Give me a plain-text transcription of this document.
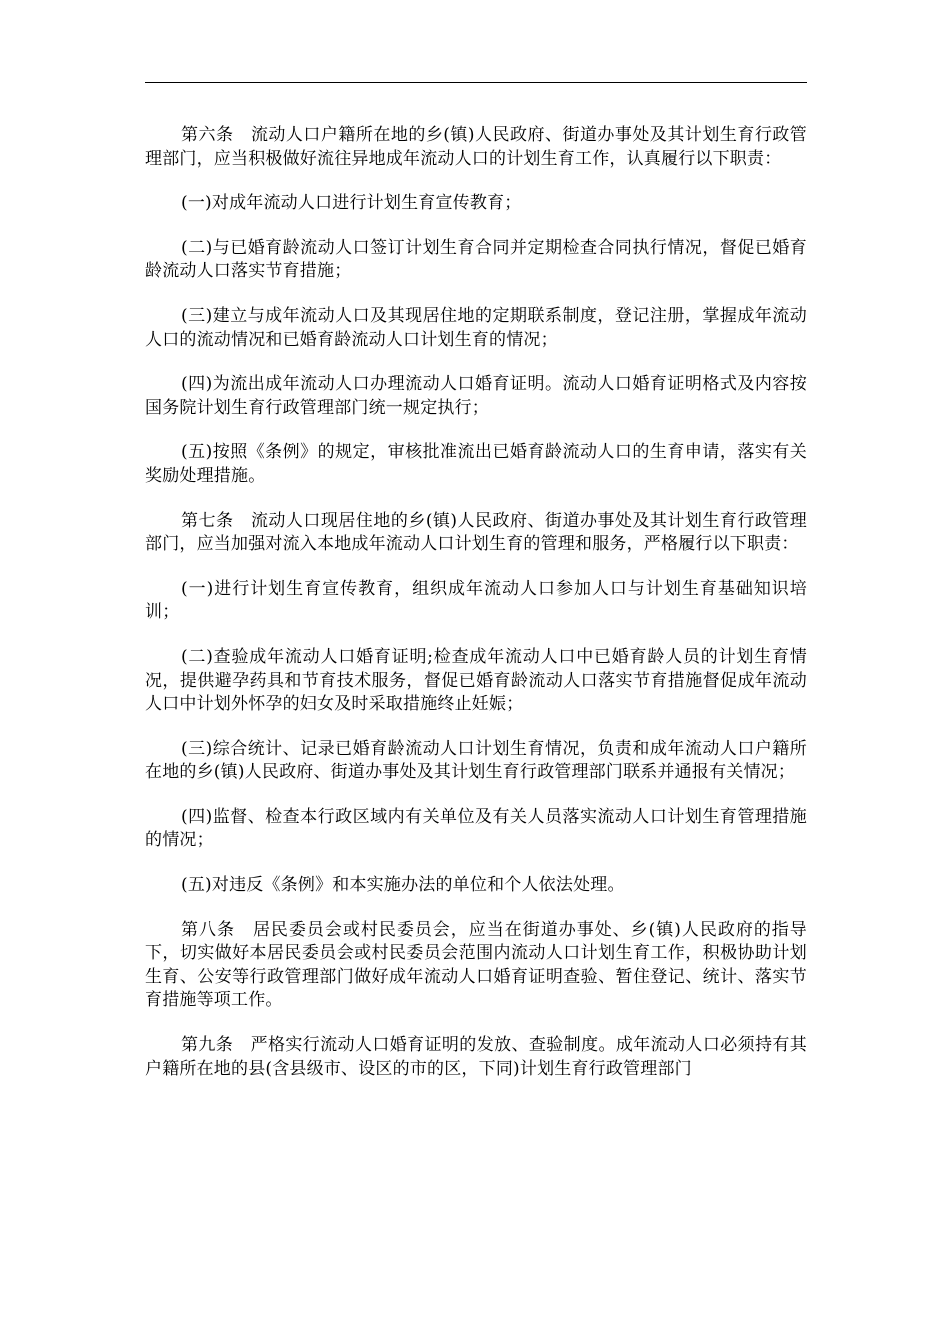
第六条　流动人口户籍所在地的乡(镇)人民政府、街道办事处及其计划生育行政管理部门，应当积极做好流往异地成年流动人口的计划生育工作，认真履行以下职责：

(一)对成年流动人口进行计划生育宣传教育；

(二)与已婚育龄流动人口签订计划生育合同并定期检查合同执行情况，督促已婚育龄流动人口落实节育措施；

(三)建立与成年流动人口及其现居住地的定期联系制度，登记注册，掌握成年流动人口的流动情况和已婚育龄流动人口计划生育的情况；

(四)为流出成年流动人口办理流动人口婚育证明。流动人口婚育证明格式及内容按国务院计划生育行政管理部门统一规定执行；

(五)按照《条例》的规定，审核批准流出已婚育龄流动人口的生育申请，落实有关奖励处理措施。

第七条　流动人口现居住地的乡(镇)人民政府、街道办事处及其计划生育行政管理部门，应当加强对流入本地成年流动人口计划生育的管理和服务，严格履行以下职责：

(一)进行计划生育宣传教育，组织成年流动人口参加人口与计划生育基础知识培训；

(二)查验成年流动人口婚育证明;检查成年流动人口中已婚育龄人员的计划生育情况，提供避孕药具和节育技术服务，督促已婚育龄流动人口落实节育措施督促成年流动人口中计划外怀孕的妇女及时采取措施终止妊娠；

(三)综合统计、记录已婚育龄流动人口计划生育情况，负责和成年流动人口户籍所在地的乡(镇)人民政府、街道办事处及其计划生育行政管理部门联系并通报有关情况；

(四)监督、检查本行政区域内有关单位及有关人员落实流动人口计划生育管理措施的情况；

(五)对违反《条例》和本实施办法的单位和个人依法处理。

第八条　居民委员会或村民委员会，应当在街道办事处、乡(镇)人民政府的指导下，切实做好本居民委员会或村民委员会范围内流动人口计划生育工作，积极协助计划生育、公安等行政管理部门做好成年流动人口婚育证明查验、暂住登记、统计、落实节育措施等项工作。

第九条　严格实行流动人口婚育证明的发放、查验制度。成年流动人口必须持有其户籍所在地的县(含县级市、设区的市的区，下同)计划生育行政管理部门
